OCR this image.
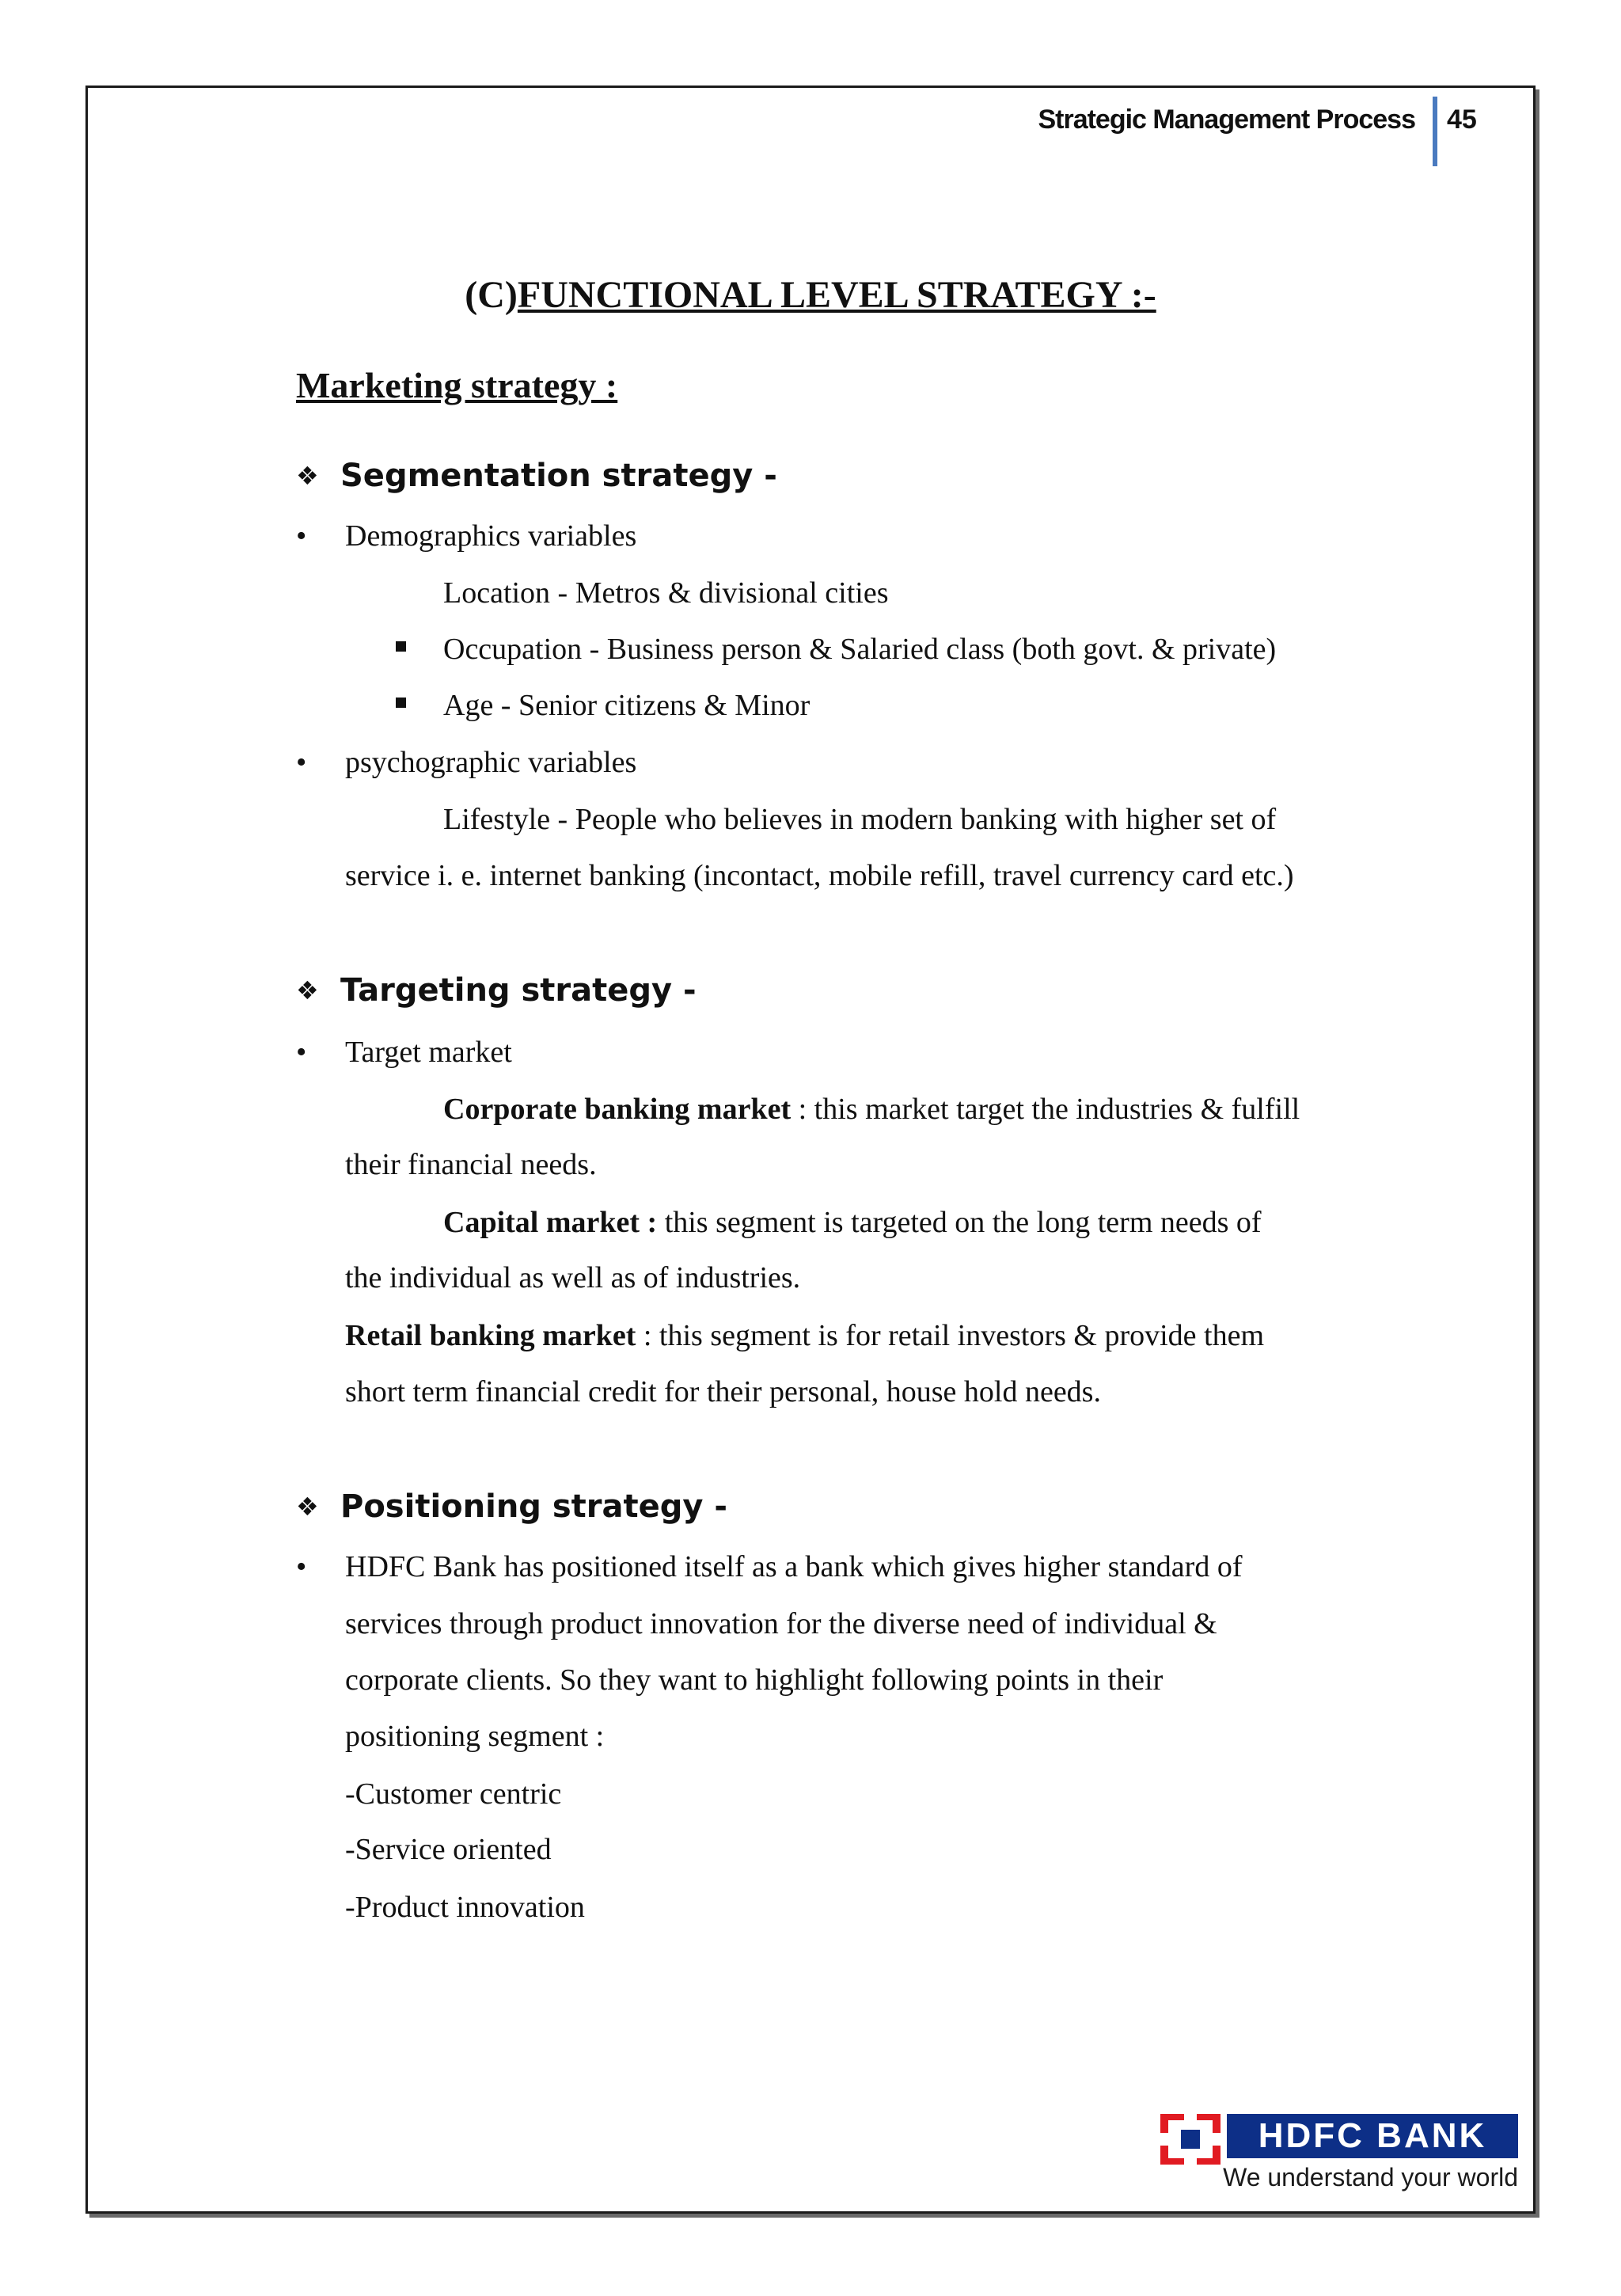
Strategic Management Process 45
(C)FUNCTIONAL LEVEL STRATEGY :-
Marketing strategy :
❖ Segmentation strategy -
• Demographics variables
Location - Metros & divisional cities
Occupation - Business person & Salaried class (both govt. & private)
Age - Senior citizens & Minor
• psychographic variables
Lifestyle - People who believes in modern banking with higher set of
service i. e. internet banking (incontact, mobile refill, travel currency card etc.)
❖ Targeting strategy -
• Target market
Corporate banking market : this market target the industries & fulfill
their financial needs.
Capital market : this segment is targeted on the long term needs of
the individual as well as of industries.
Retail banking market : this segment is for retail investors & provide them
short term financial credit for their personal, house hold needs.
❖ Positioning strategy -
• HDFC Bank has positioned itself as a bank which gives higher standard of
services through product innovation for the diverse need of individual &
corporate clients. So they want to highlight following points in their
positioning segment :
-Customer centric
-Service oriented
-Product innovation
HDFC BANK
We understand your world
